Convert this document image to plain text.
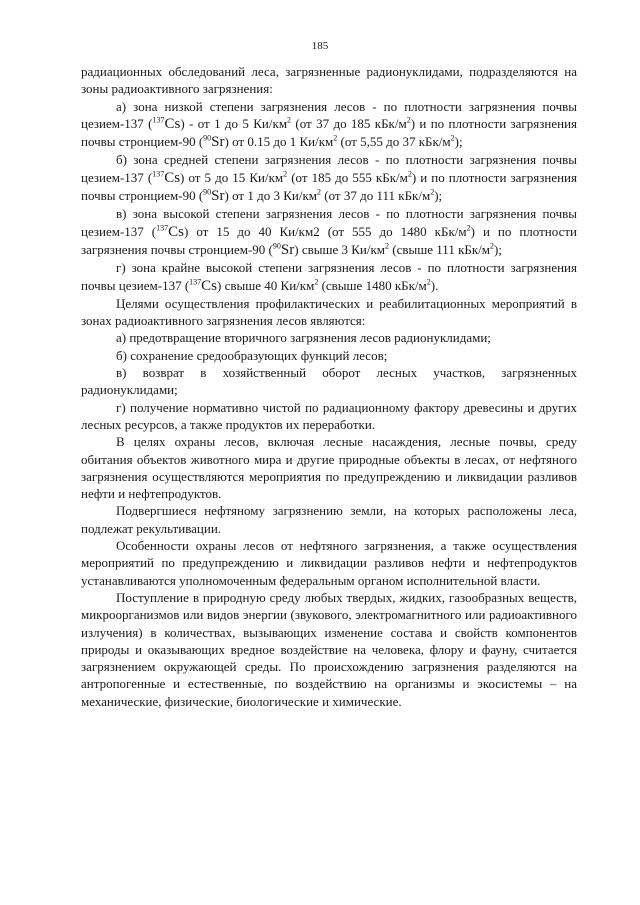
185

радиационных обследований леса, загрязненные радионуклидами, подразделяются на зоны радиоактивного загрязнения:

а) зона низкой степени загрязнения лесов - по плотности загрязнения почвы цезием-137 ($^{137}$Cs) - от 1 до 5 $Ки/км^2$ (от 37 до 185 кБк/$м^2$) и по плотности загрязнения почвы стронцием-90 ($^{90}$Sr) от 0.15 до 1 $Ки/км^2$ (от 5,55 до 37 кБк/$м^2$);

б) зона средней степени загрязнения лесов - по плотности загрязнения почвы цезием-137 ($^{137}$Cs) от 5 до 15 $Ки/км^2$ (от 185 до 555 кБк/$м^2$) и по плотности загрязнения почвы стронцием-90 ($^{90}$Sr) от 1 до 3 $Ки/км^2$ (от 37 до 111 кБк/$м^2$);

в) зона высокой степени загрязнения лесов - по плотности загрязнения почвы цезием-137 ($^{137}$Cs) от 15 до 40 Ки/км2 (от 555 до 1480 кБк/$м^2$) и по плотности загрязнения почвы стронцием-90 ($^{90}$Sr) свыше 3 $Ки/км^2$ (свыше 111 кБк/$м^2$);

г) зона крайне высокой степени загрязнения лесов - по плотности загрязнения почвы цезием-137 ($^{137}$Cs) свыше 40 $Ки/км^2$ (свыше 1480 кБк/$м^2$).

Целями осуществления профилактических и реабилитационных мероприятий в зонах радиоактивного загрязнения лесов являются:

а) предотвращение вторичного загрязнения лесов радионуклидами;

б) сохранение средообразующих функций лесов;

в) возврат в хозяйственный оборот лесных участков, загрязненных радионуклидами;

г) получение нормативно чистой по радиационному фактору древесины и других лесных ресурсов, а также продуктов их переработки.

В целях охраны лесов, включая лесные насаждения, лесные почвы, среду обитания объектов животного мира и другие природные объекты в лесах, от нефтяного загрязнения осуществляются мероприятия по предупреждению и ликвидации разливов нефти и нефтепродуктов.

Подвергшиеся нефтяному загрязнению земли, на которых расположены леса, подлежат рекультивации.

Особенности охраны лесов от нефтяного загрязнения, а также осуществления мероприятий по предупреждению и ликвидации разливов нефти и нефтепродуктов устанавливаются уполномоченным федеральным органом исполнительной власти.

Поступление в природную среду любых твердых, жидких, газообразных веществ, микроорганизмов или видов энергии (звукового, электромагнитного или радиоактивного излучения) в количествах, вызывающих изменение состава и свойств компонентов природы и оказывающих вредное воздействие на человека, флору и фауну, считается загрязнением окружающей среды. По происхождению загрязнения разделяются на антропогенные и естественные, по воздействию на организмы и экосистемы – на механические, физические, биологические и химические.
